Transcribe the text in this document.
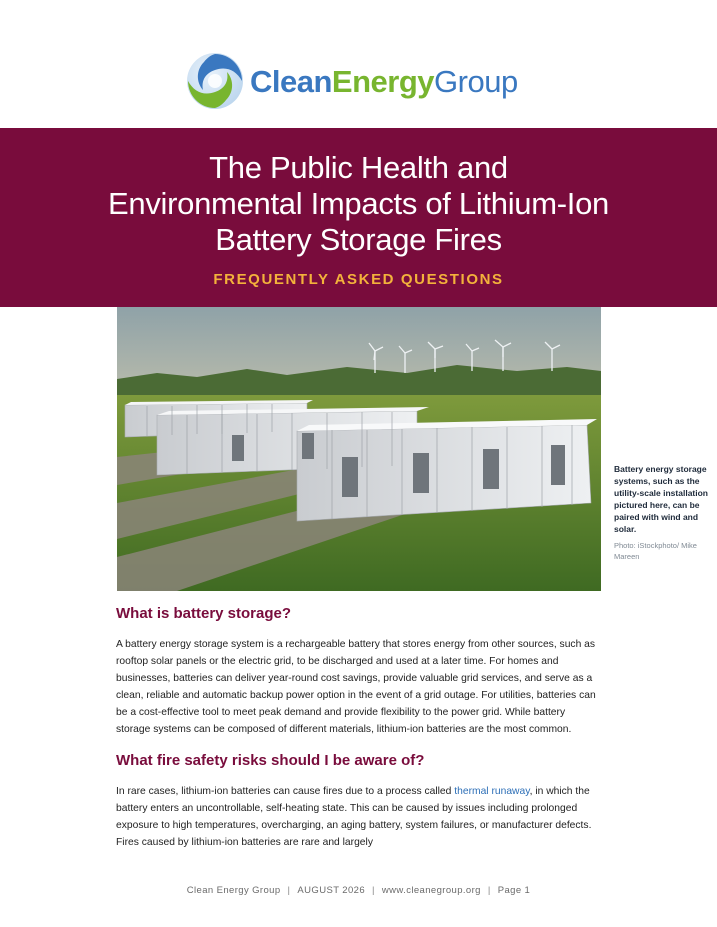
CleanEnergyGroup
The Public Health and
Environmental Impacts of Lithium-Ion
Battery Storage Fires

FREQUENTLY ASKED QUESTIONS

Battery energy storage systems, such as the utility-scale installation pictured here, can be paired with wind and solar.

Photo: iStockphoto/ Mike Mareen

What is battery storage?

A battery energy storage system is a rechargeable battery that stores energy from other sources, such as rooftop solar panels or the electric grid, to be discharged and used at a later time. For homes and businesses, batteries can deliver year-round cost savings, provide valuable grid services, and serve as a clean, reliable and automatic backup power option in the event of a grid outage. For utilities, batteries can be a cost-effective tool to meet peak demand and provide flexibility to the power grid. While battery storage systems can be composed of different materials, lithium-ion batteries are the most common.

What fire safety risks should I be aware of?

In rare cases, lithium-ion batteries can cause fires due to a process called thermal runaway, in which the battery enters an uncontrollable, self-heating state. This can be caused by issues including prolonged exposure to high temperatures, overcharging, an aging battery, system failures, or manufacturer defects. Fires caused by lithium-ion batteries are rare and largely

Clean Energy Group | AUGUST 2026 | www.cleanegroup.org | Page 1
